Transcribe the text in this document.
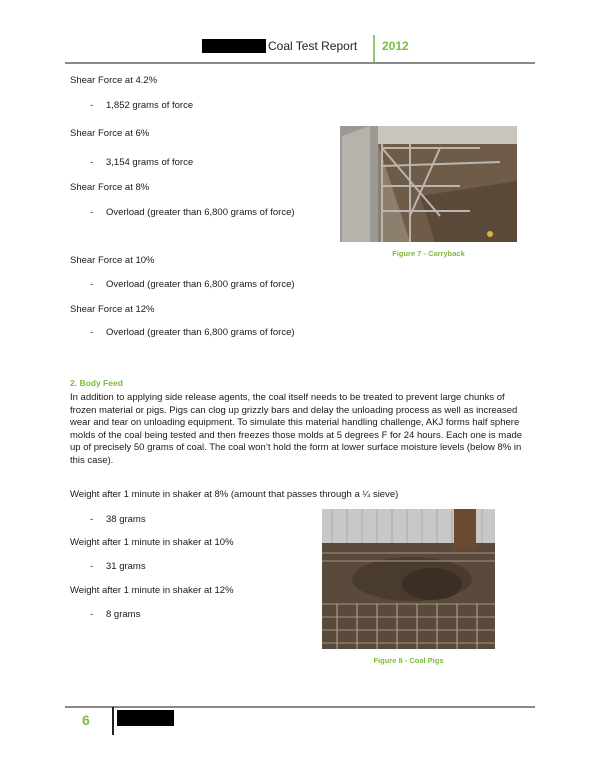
Coal Test Report 2012
Shear Force at 4.2%
- 1,852 grams of force
Shear Force at 6%
- 3,154 grams of force
Shear Force at 8%
- Overload (greater than 6,800 grams of force)
Shear Force at 10%
- Overload (greater than 6,800 grams of force)
Shear Force at 12%
- Overload (greater than 6,800 grams of force)
Figure 7 - Carryback
2. Body Feed
In addition to applying side release agents, the coal itself needs to be treated to prevent large chunks of frozen material or pigs. Pigs can clog up grizzly bars and delay the unloading process as well as increased wear and tear on unloading equipment. To simulate this material handling challenge, AKJ forms half sphere molds of the coal being tested and then freezes those molds at 5 degrees F for 24 hours. Each one is made up of precisely 50 grams of coal. The coal won’t hold the form at lower surface moisture levels (below 8% in this case).
Weight after 1 minute in shaker at 8% (amount that passes through a ¼ sieve)
- 38 grams
Weight after 1 minute in shaker at 10%
- 31 grams
Weight after 1 minute in shaker at 12%
- 8 grams
Figure 8 - Coal Pigs
6
